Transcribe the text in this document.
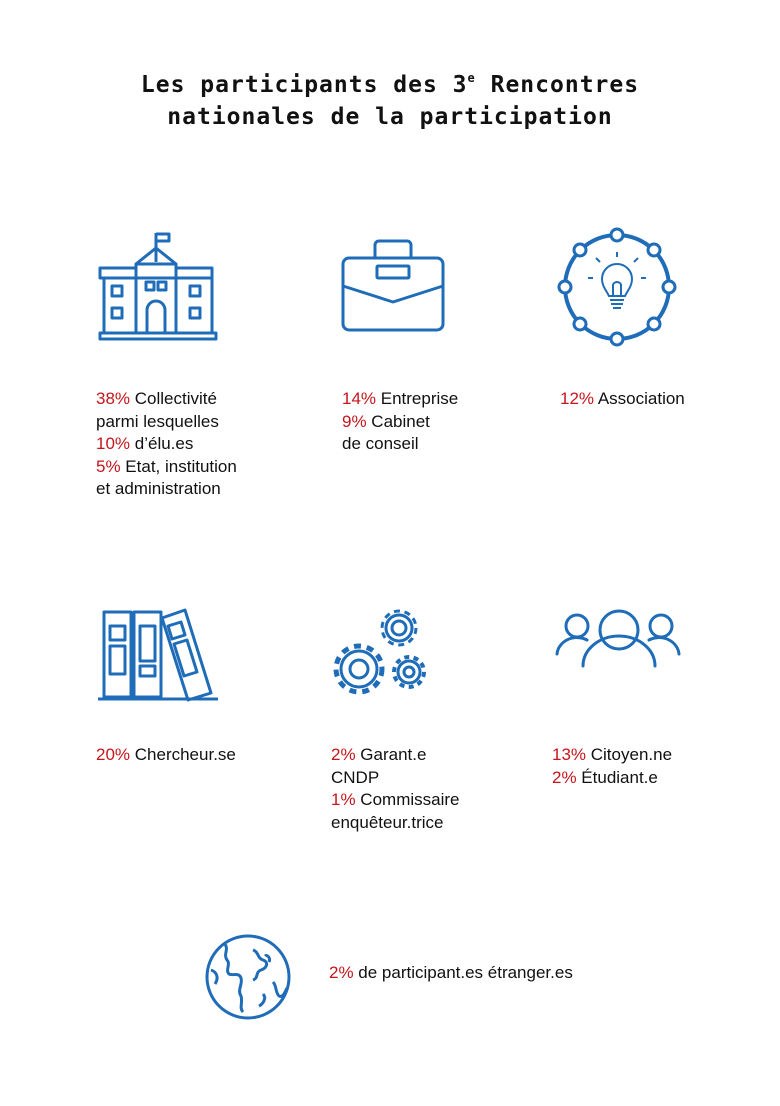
Les participants des 3e Rencontres
nationales de la participation
38% Collectivité
parmi lesquelles
10% d’élu.es
5% Etat, institution
et administration
14% Entreprise
9% Cabinet
de conseil
12% Association
20% Chercheur.se	2% Garant.e
CNDP
1% Commissaire
enquêteur.trice
13% Citoyen.ne
2% Étudiant.e
2% de participant.es étranger.es
